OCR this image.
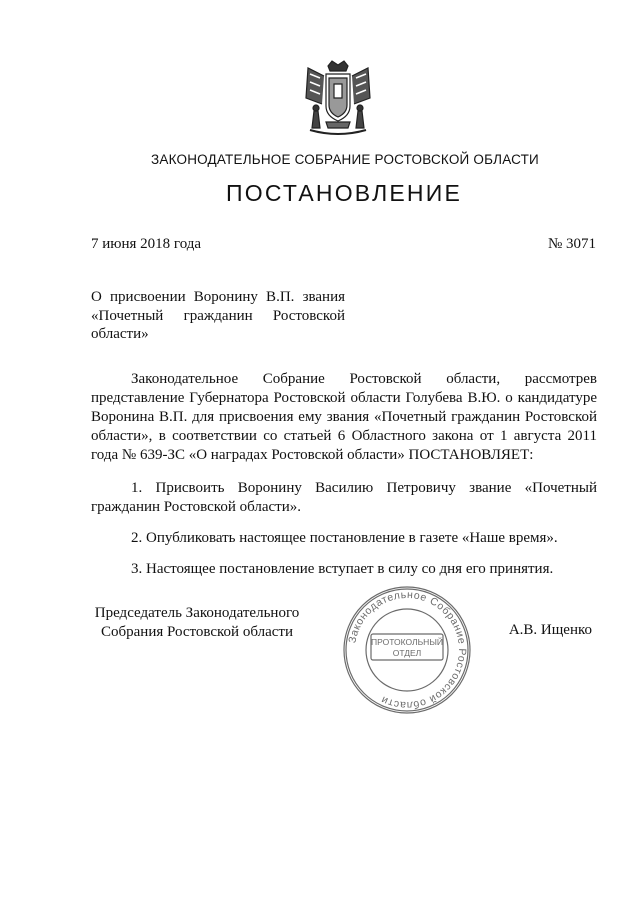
ЗАКОНОДАТЕЛЬНОЕ СОБРАНИЕ РОСТОВСКОЙ ОБЛАСТИ
ПОСТАНОВЛЕНИЕ
7 июня 2018 года	№ 3071
О присвоении Воронину В.П. звания «Почетный гражданин Ростовской области»

Законодательное Собрание Ростовской области, рассмотрев представление Губернатора Ростовской области Голубева В.Ю. о кандидатуре Воронина В.П. для присвоения ему звания «Почетный гражданин Ростовской области», в соответствии со статьей 6 Областного закона от 1 августа 2011 года № 639-ЗС «О наградах Ростовской области» ПОСТАНОВЛЯЕТ:

1. Присвоить Воронину Василию Петровичу звание «Почетный гражданин Ростовской области».

2. Опубликовать настоящее постановление в газете «Наше время».

3. Настоящее постановление вступает в силу со дня его принятия.

Председатель Законодательного
Собрания Ростовской области	А.В. Ищенко
Законодательное Собрание Ростовской области
ПРОТОКОЛЬНЫЙ
ОТДЕЛ
